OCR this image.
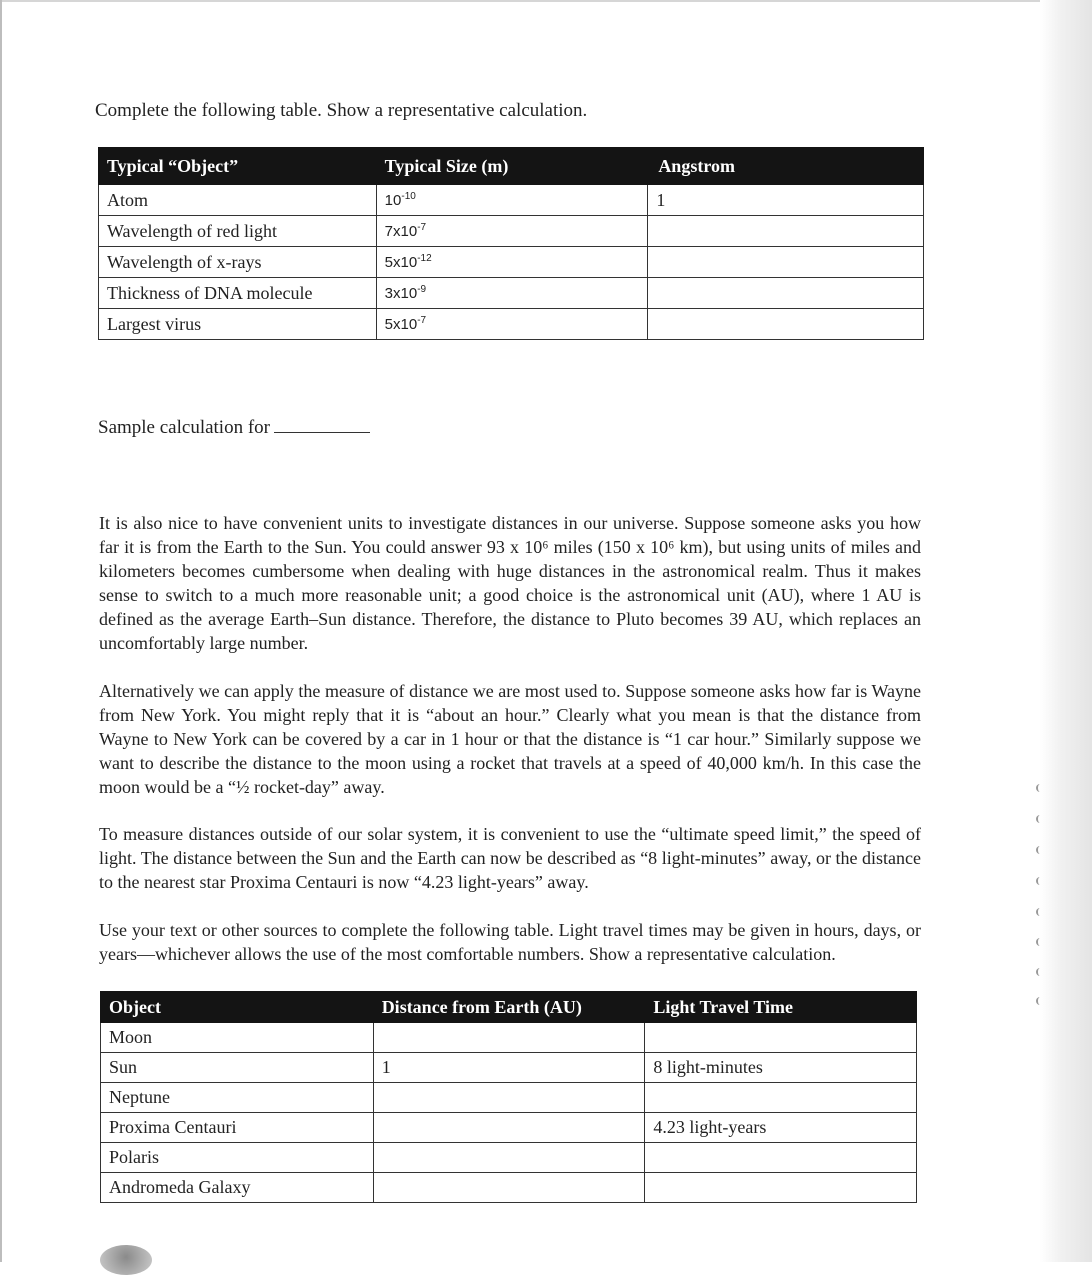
Complete the following table. Show a representative calculation.

Typical “Object”	Typical Size (m)	Angstrom
Atom	$10^{-10}$	1
Wavelength of red light	$7x10^{-7}$	
Wavelength of x-rays	$5x10^{-12}$	
Thickness of DNA molecule	$3x10^{-9}$	
Largest virus	$5x10^{-7}$	
Sample calculation for

It is also nice to have convenient units to investigate distances in our universe. Suppose someone asks you how far it is from the Earth to the Sun. You could answer 93 x 10⁶ miles (150 x 10⁶ km), but using units of miles and kilometers becomes cumbersome when dealing with huge distances in the astronomical realm. Thus it makes sense to switch to a much more reasonable unit; a good choice is the astronomical unit (AU), where 1 AU is defined as the average Earth–Sun distance. Therefore, the distance to Pluto becomes 39 AU, which replaces an uncomfortably large number.

Alternatively we can apply the measure of distance we are most used to. Suppose someone asks how far is Wayne from New York. You might reply that it is “about an hour.” Clearly what you mean is that the distance from Wayne to New York can be covered by a car in 1 hour or that the distance is “1 car hour.” Similarly suppose we want to describe the distance to the moon using a rocket that travels at a speed of 40,000 km/h. In this case the moon would be a “½ rocket-day” away.

To measure distances outside of our solar system, it is convenient to use the “ultimate speed limit,” the speed of light. The distance between the Sun and the Earth can now be described as “8 light-minutes” away, or the distance to the nearest star Proxima Centauri is now “4.23 light-years” away.

Use your text or other sources to complete the following table. Light travel times may be given in hours, days, or years—whichever allows the use of the most comfortable numbers. Show a representative calculation.

Object	Distance from Earth (AU)	Light Travel Time
Moon		
Sun	1	8 light-minutes
Neptune		
Proxima Centauri		4.23 light-years
Polaris		
Andromeda Galaxy		
